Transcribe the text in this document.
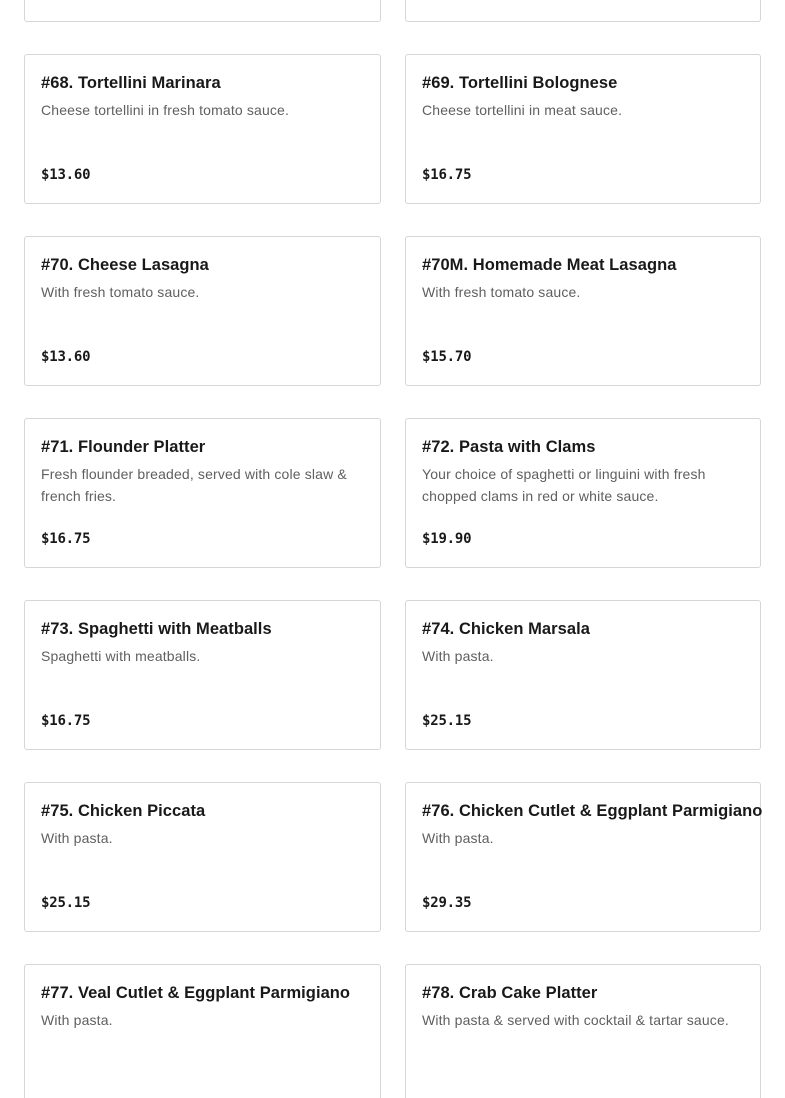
#68. Tortellini Marinara
Cheese tortellini in fresh tomato sauce.
$13.60
#69. Tortellini Bolognese
Cheese tortellini in meat sauce.
$16.75
#70. Cheese Lasagna
With fresh tomato sauce.
$13.60
#70M. Homemade Meat Lasagna
With fresh tomato sauce.
$15.70
#71. Flounder Platter
Fresh flounder breaded, served with cole slaw & french fries.
$16.75
#72. Pasta with Clams
Your choice of spaghetti or linguini with fresh chopped clams in red or white sauce.
$19.90
#73. Spaghetti with Meatballs
Spaghetti with meatballs.
$16.75
#74. Chicken Marsala
With pasta.
$25.15
#75. Chicken Piccata
With pasta.
$25.15
#76. Chicken Cutlet & Eggplant Parmigiano
With pasta.
$29.35
#77. Veal Cutlet & Eggplant Parmigiano
With pasta.
#78. Crab Cake Platter
With pasta & served with cocktail & tartar sauce.
